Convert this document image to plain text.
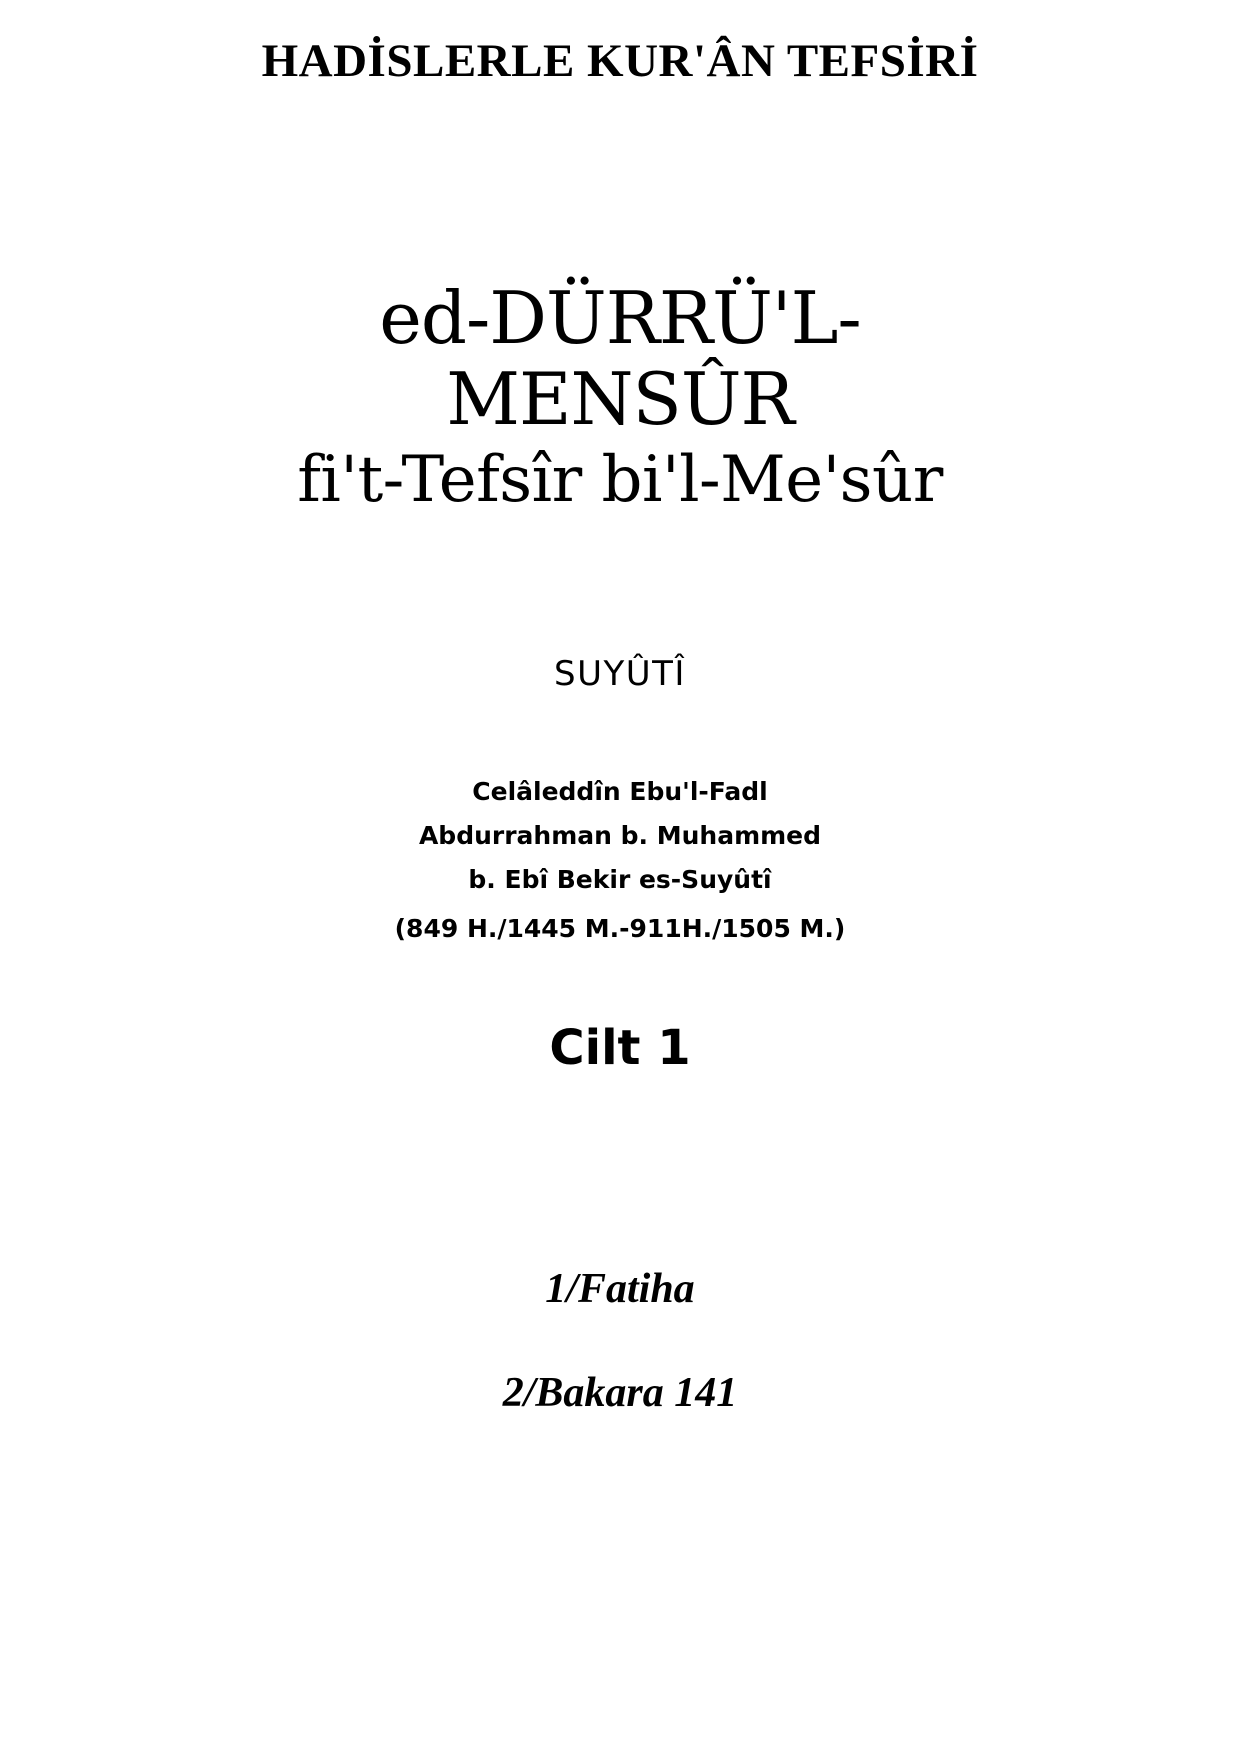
HADİSLERLE KUR'ÂN TEFSİRİ
ed-DÜRRÜ'L-
MENSÛR
fi't-Tefsîr bi'l-Me'sûr
SUYÛTÎ
Celâleddîn Ebu'l-Fadl
Abdurrahman b. Muhammed
b. Ebî Bekir es-Suyûtî
(849 H./1445 M.-911H./1505 M.)
Cilt 1
1/Fatiha
2/Bakara 141
